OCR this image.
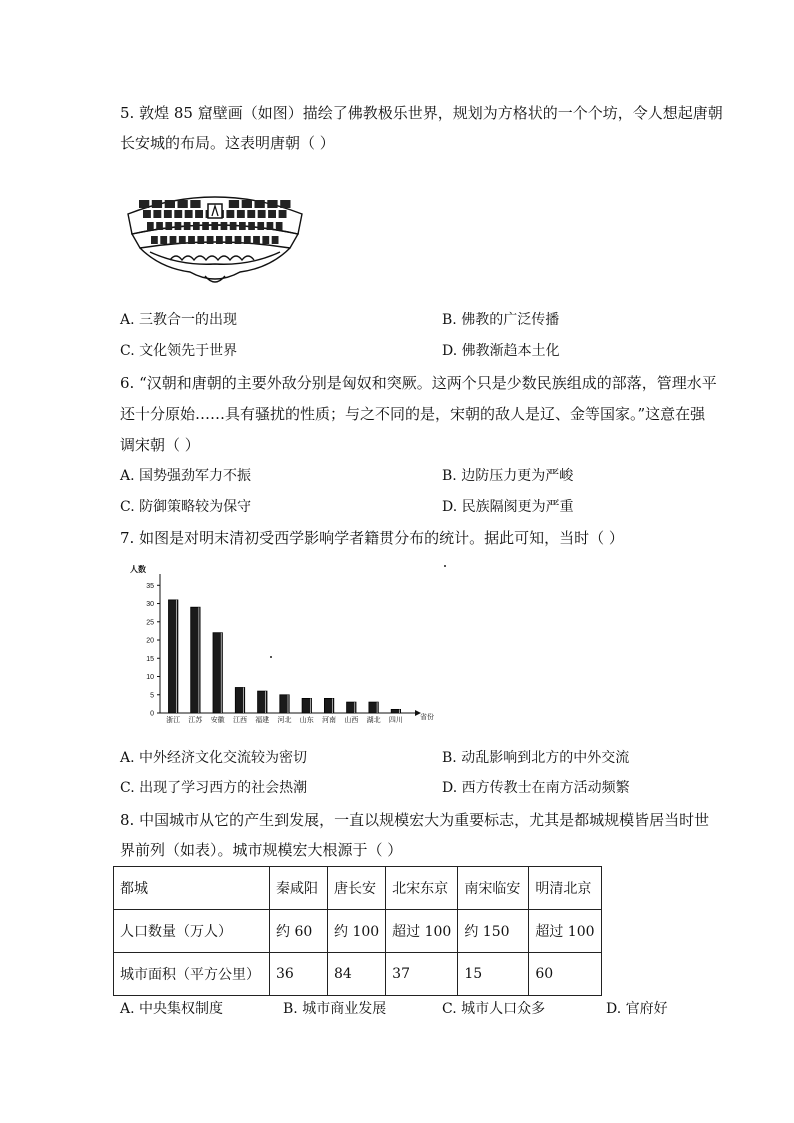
5. 敦煌 85 窟壁画（如图）描绘了佛教极乐世界，规划为方格状的一个个坊，令人想起唐朝
长安城的布局。这表明唐朝（ ）
A. 三教合一的出现	B. 佛教的广泛传播
C. 文化领先于世界	D. 佛教渐趋本土化
6. “汉朝和唐朝的主要外敌分别是匈奴和突厥。这两个只是少数民族组成的部落，管理水平
还十分原始……具有骚扰的性质；与之不同的是，宋朝的敌人是辽、金等国家。”这意在强
调宋朝（ ）
A. 国势强劲军力不振	B. 边防压力更为严峻
C. 防御策略较为保守	D. 民族隔阂更为严重
7. 如图是对明末清初受西学影响学者籍贯分布的统计。据此可知，当时（ ）
人数
省份
0
5
10
15
20
25
30
35
浙江 江苏 安徽 江西 福建 河北 山东 河南 山西 湖北 四川
A. 中外经济文化交流较为密切	B. 动乱影响到北方的中外交流
C. 出现了学习西方的社会热潮	D. 西方传教士在南方活动频繁
8. 中国城市从它的产生到发展，一直以规模宏大为重要标志，尤其是都城规模皆居当时世
界前列（如表）。城市规模宏大根源于（ ）
都城	秦咸阳	唐长安	北宋东京	南宋临安	明清北京
人口数量（万人）	约 60	约 100	超过 100	约 150	超过 100
城市面积（平方公里）	36	84	37	15	60
A. 中央集权制度	B. 城市商业发展	C. 城市人口众多	D. 官府好
